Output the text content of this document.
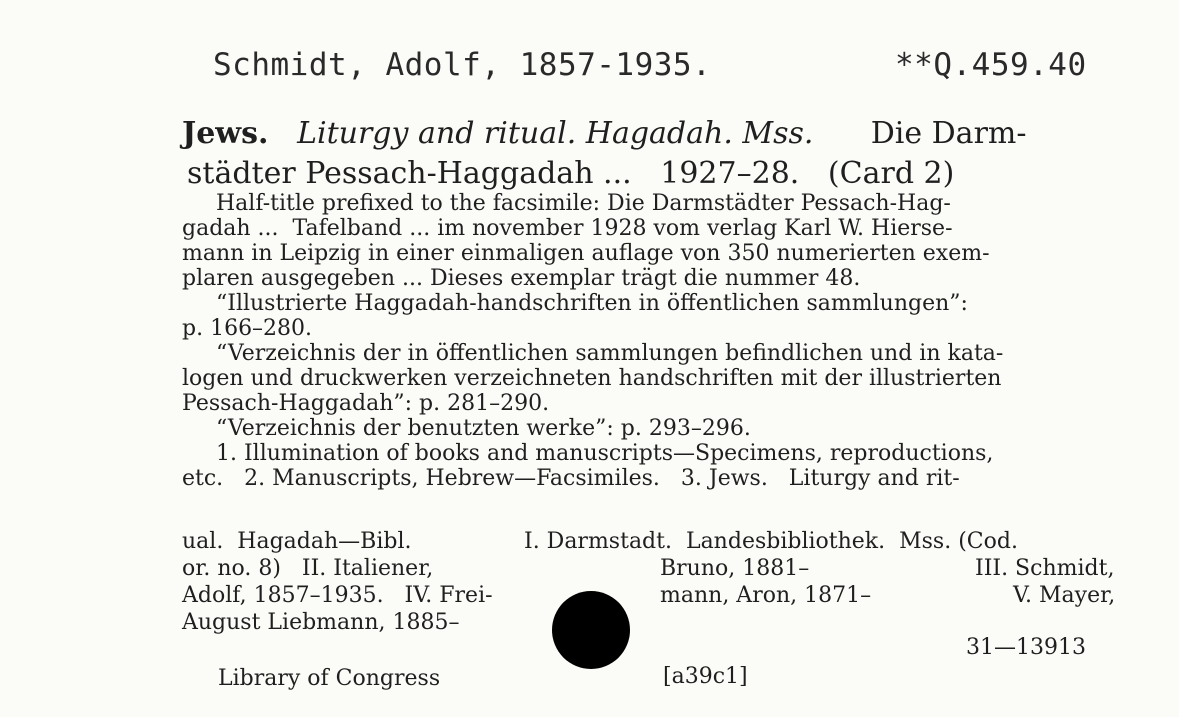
Schmidt, Adolf, 1857-1935.	**Q.459.40
Jews. Liturgy and ritual. Hagadah. Mss. Die Darm-
städter Pessach-Haggadah ...   1927–28.   (Card 2)
Half-title prefixed to the facsimile: Die Darmstädter Pessach-Hag-
gadah ...  Tafelband ... im november 1928 vom verlag Karl W. Hierse-
mann in Leipzig in einer einmaligen auflage von 350 numerierten exem-
plaren ausgegeben ... Dieses exemplar trägt die nummer 48.
“Illustrierte Haggadah-handschriften in öffentlichen sammlungen”:
p. 166–280.
“Verzeichnis der in öffentlichen sammlungen befindlichen und in kata-
logen und druckwerken verzeichneten handschriften mit der illustrierten
Pessach-Haggadah”: p. 281–290.
“Verzeichnis der benutzten werke”: p. 293–296.
1. Illumination of books and manuscripts—Specimens, reproductions,
etc.   2. Manuscripts, Hebrew—Facsimiles.   3. Jews.   Liturgy and rit-
ual.  Hagadah—Bibl.	I. Darmstadt.  Landesbibliothek.  Mss. (Cod.
or. no. 8)   II. Italiener,	Bruno, 1881–	III. Schmidt,
Adolf, 1857–1935.   IV. Frei-	mann, Aron, 1871–	V. Mayer,
August Liebmann, 1885–
31—13913
Library of Congress	[a39c1]
